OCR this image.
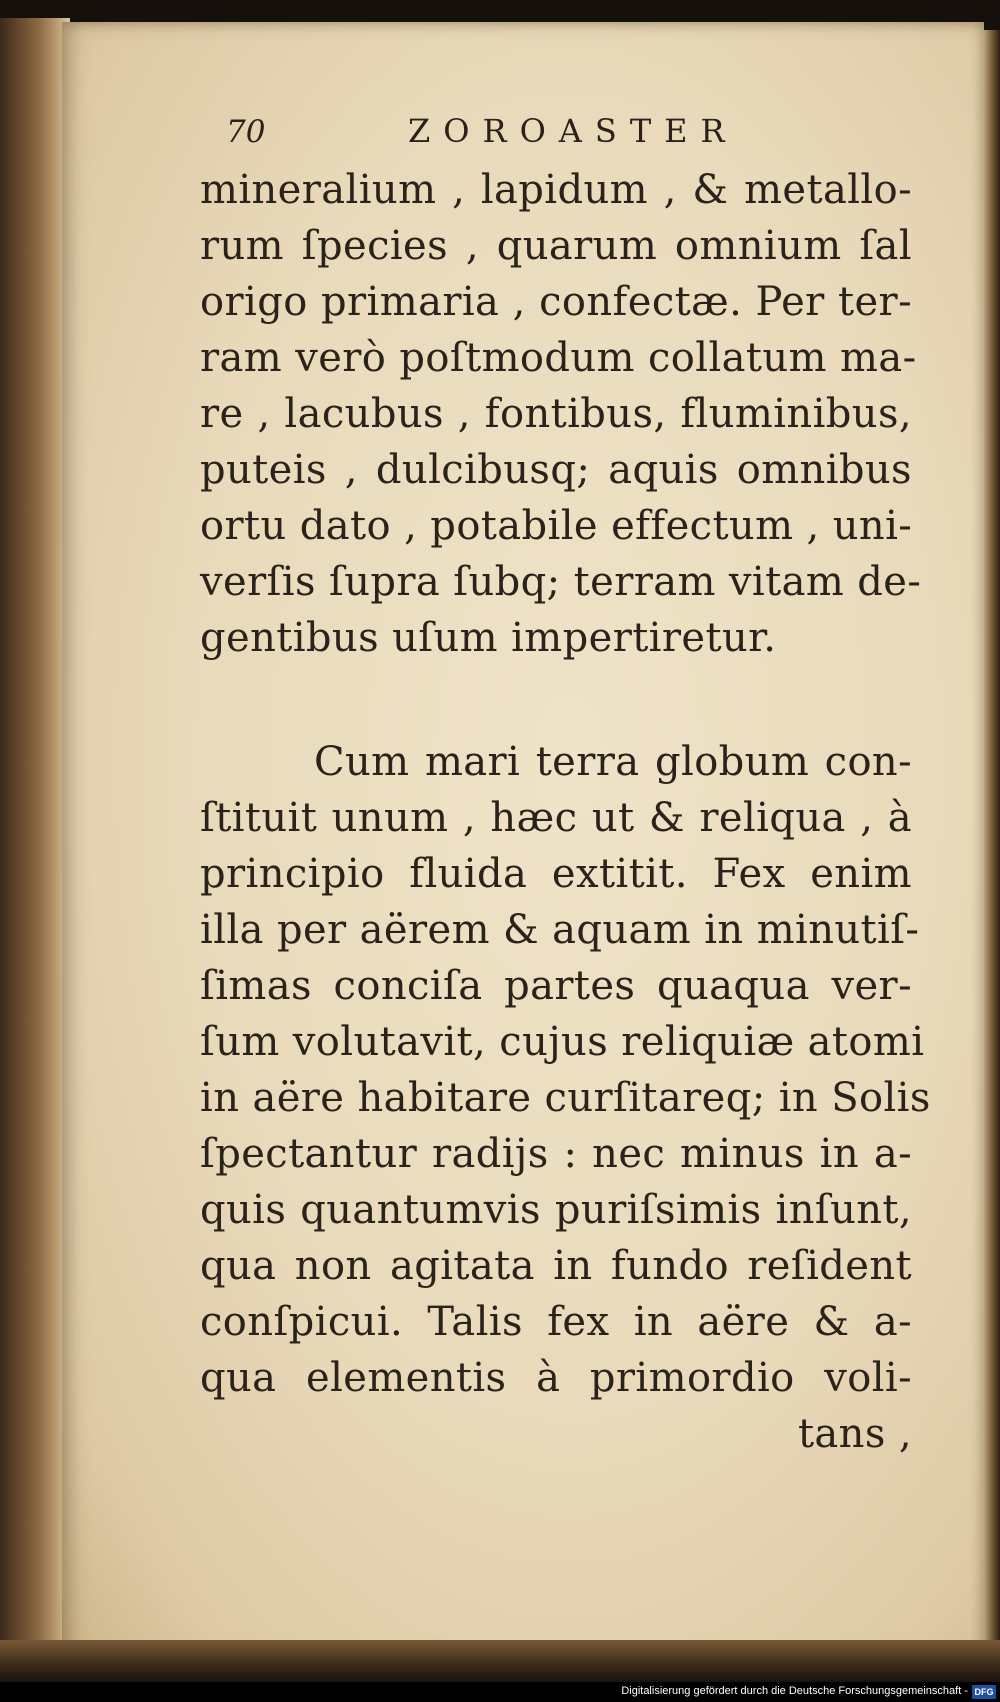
70	ZOROASTER
mineralium , lapidum , & metallo-
rum ſpecies , quarum omnium ſal
origo primaria , confectæ. Per ter-
ram verò poſtmodum collatum ma-
re , lacubus , fontibus, fluminibus,
puteis , dulcibusq; aquis omnibus
ortu dato , potabile effectum , uni-
verſis ſupra ſubq; terram vitam de-
gentibus uſum impertiretur.
Cum mari terra globum con-
ſtituit unum , hæc ut & reliqua , à
principio fluida extitit. Fex enim
illa per aërem & aquam in minutiſ-
ſimas conciſa partes quaqua ver-
ſum volutavit, cujus reliquiæ atomi
in aëre habitare curſitareq; in Solis
ſpectantur radijs : nec minus in a-
quis quantumvis puriſsimis inſunt,
qua non agitata in fundo reſident
conſpicui. Talis fex in aëre & a-
qua elementis à primordio voli-
tans ,
Digitalisierung gefördert durch die Deutsche Forschungsgemeinschaft - DFG
